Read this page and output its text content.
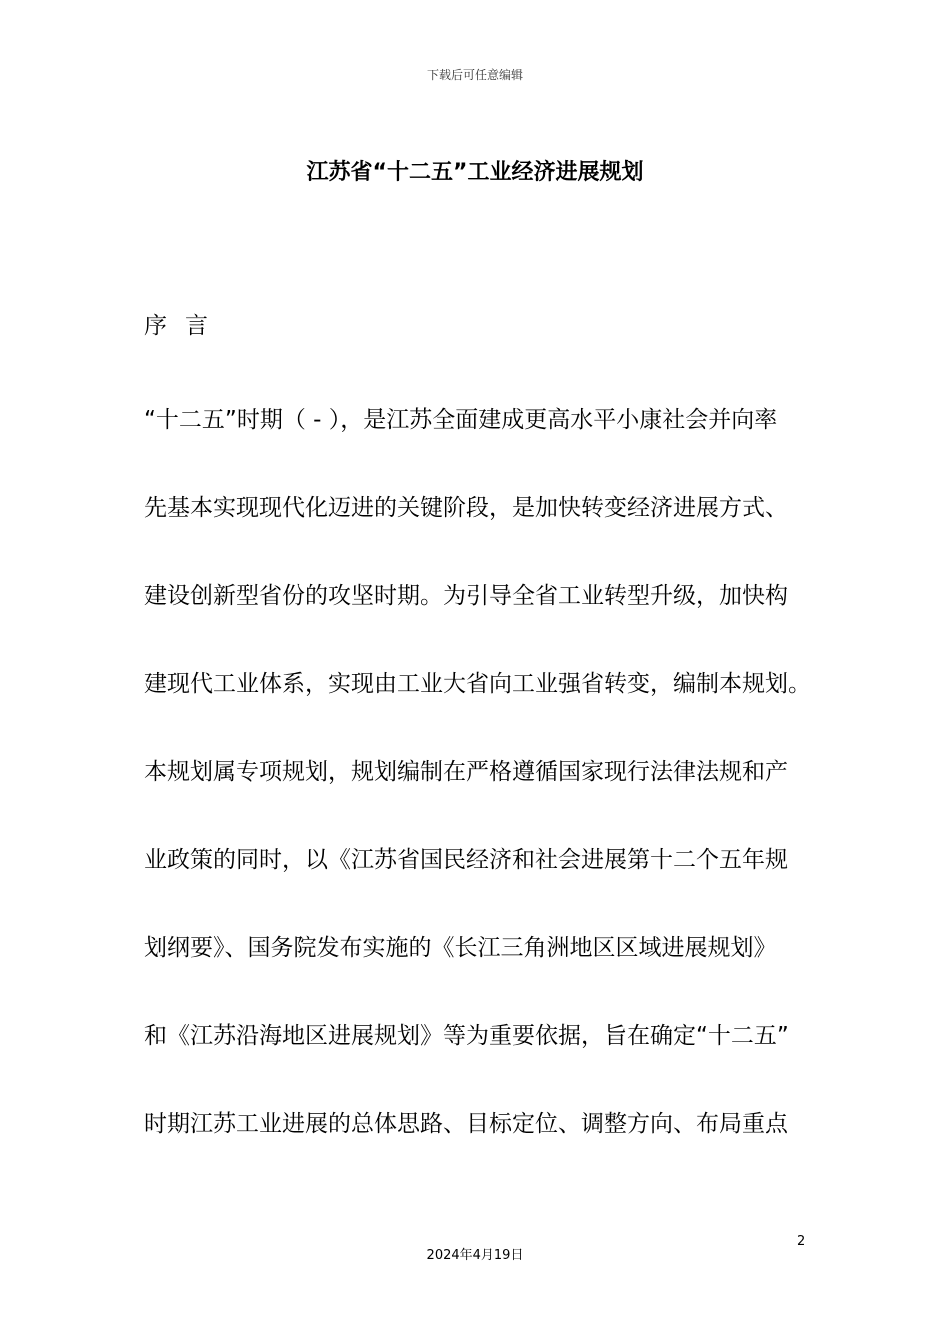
下载后可任意编辑
江苏省“十二五”工业经济进展规划
序言
“十二五”时期（ - ），是江苏全面建成更高水平小康社会并向率
先基本实现现代化迈进的关键阶段，是加快转变经济进展方式、
建设创新型省份的攻坚时期。为引导全省工业转型升级，加快构
建现代工业体系，实现由工业大省向工业强省转变，编制本规划。
本规划属专项规划，规划编制在严格遵循国家现行法律法规和产
业政策的同时，以《江苏省国民经济和社会进展第十二个五年规
划纲要》、国务院发布实施的《长江三角洲地区区域进展规划》
和《江苏沿海地区进展规划》等为重要依据，旨在确定“十二五”
时期江苏工业进展的总体思路、目标定位、调整方向、布局重点
2
2024年4月19日
